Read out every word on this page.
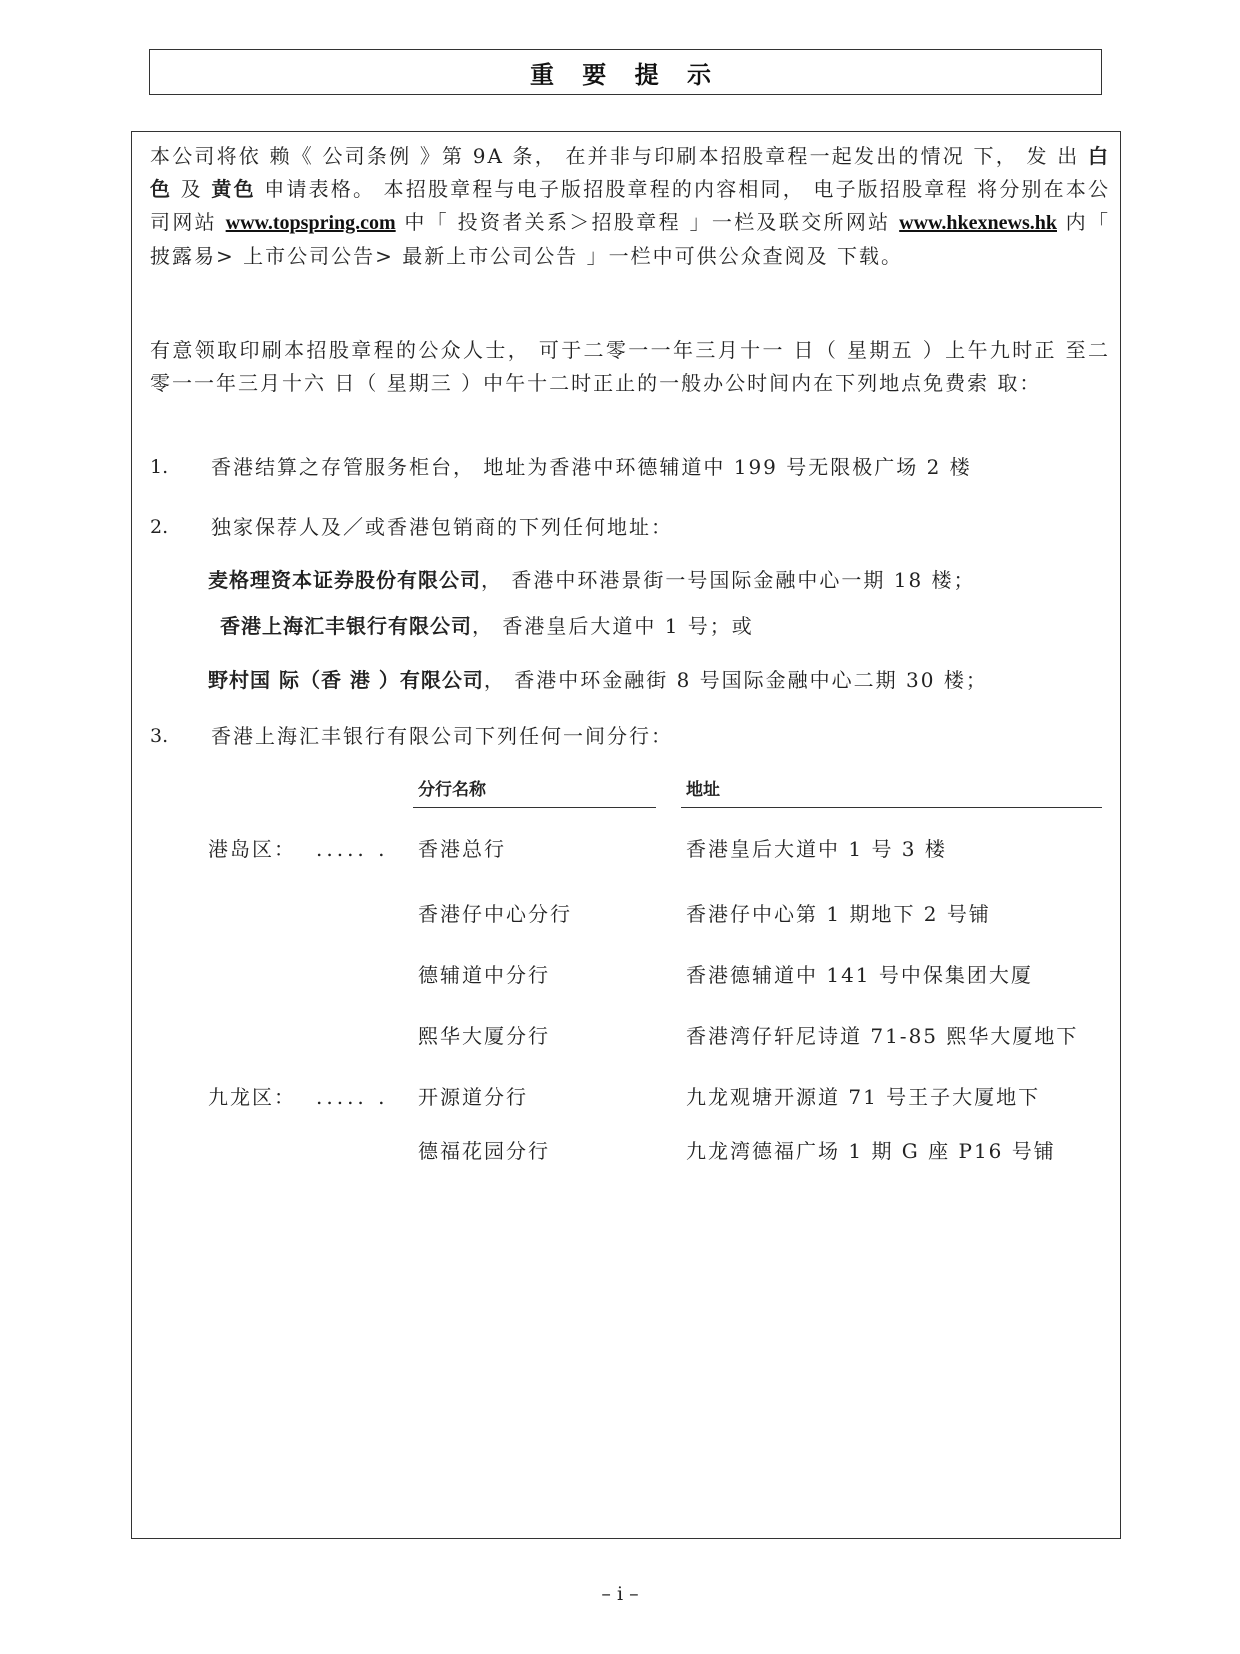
重 要 提 示

本公司将依 赖《 公司条例 》第 9A 条， 在并非与印刷本招股章程一起发出的情况 下， 发 出 白色 及 黄色 申请表格。 本招股章程与电子版招股章程的内容相同， 电子版招股章程 将分别在本公司网站 www.topspring.com 中「 投资者关系＞招股章程 」一栏及联交所网站 www.hkexnews.hk 内「 披露易> 上市公司公告> 最新上市公司公告 」一栏中可供公众查阅及 下载。

有意领取印刷本招股章程的公众人士， 可于二零一一年三月十一 日（ 星期五 ）上午九时正 至二零一一年三月十六 日（ 星期三 ）中午十二时正止的一般办公时间内在下列地点免费索 取：

1. 香港结算之存管服务柜台， 地址为香港中环德辅道中 199 号无限极广场 2 楼
2. 独家保荐人及／或香港包销商的下列任何地址：
麦格理资本证券股份有限公司， 香港中环港景街一号国际金融中心一期 18 楼；
香港上海汇丰银行有限公司， 香港皇后大道中 1 号；或
野村国 际（香 港 ）有限公司， 香港中环金融街 8 号国际金融中心二期 30 楼；
3. 香港上海汇丰银行有限公司下列任何一间分行：
分行名称	地址
港岛区： ..... . 香港总行	香港皇后大道中 1 号 3 楼
香港仔中心分行	香港仔中心第 1 期地下 2 号铺
德辅道中分行	香港德辅道中 141 号中保集团大厦
熙华大厦分行	香港湾仔轩尼诗道 71-85 熙华大厦地下
九龙区： ..... . 开源道分行	九龙观塘开源道 71 号王子大厦地下
德福花园分行	九龙湾德福广场 1 期 G 座 P16 号铺
– i –
